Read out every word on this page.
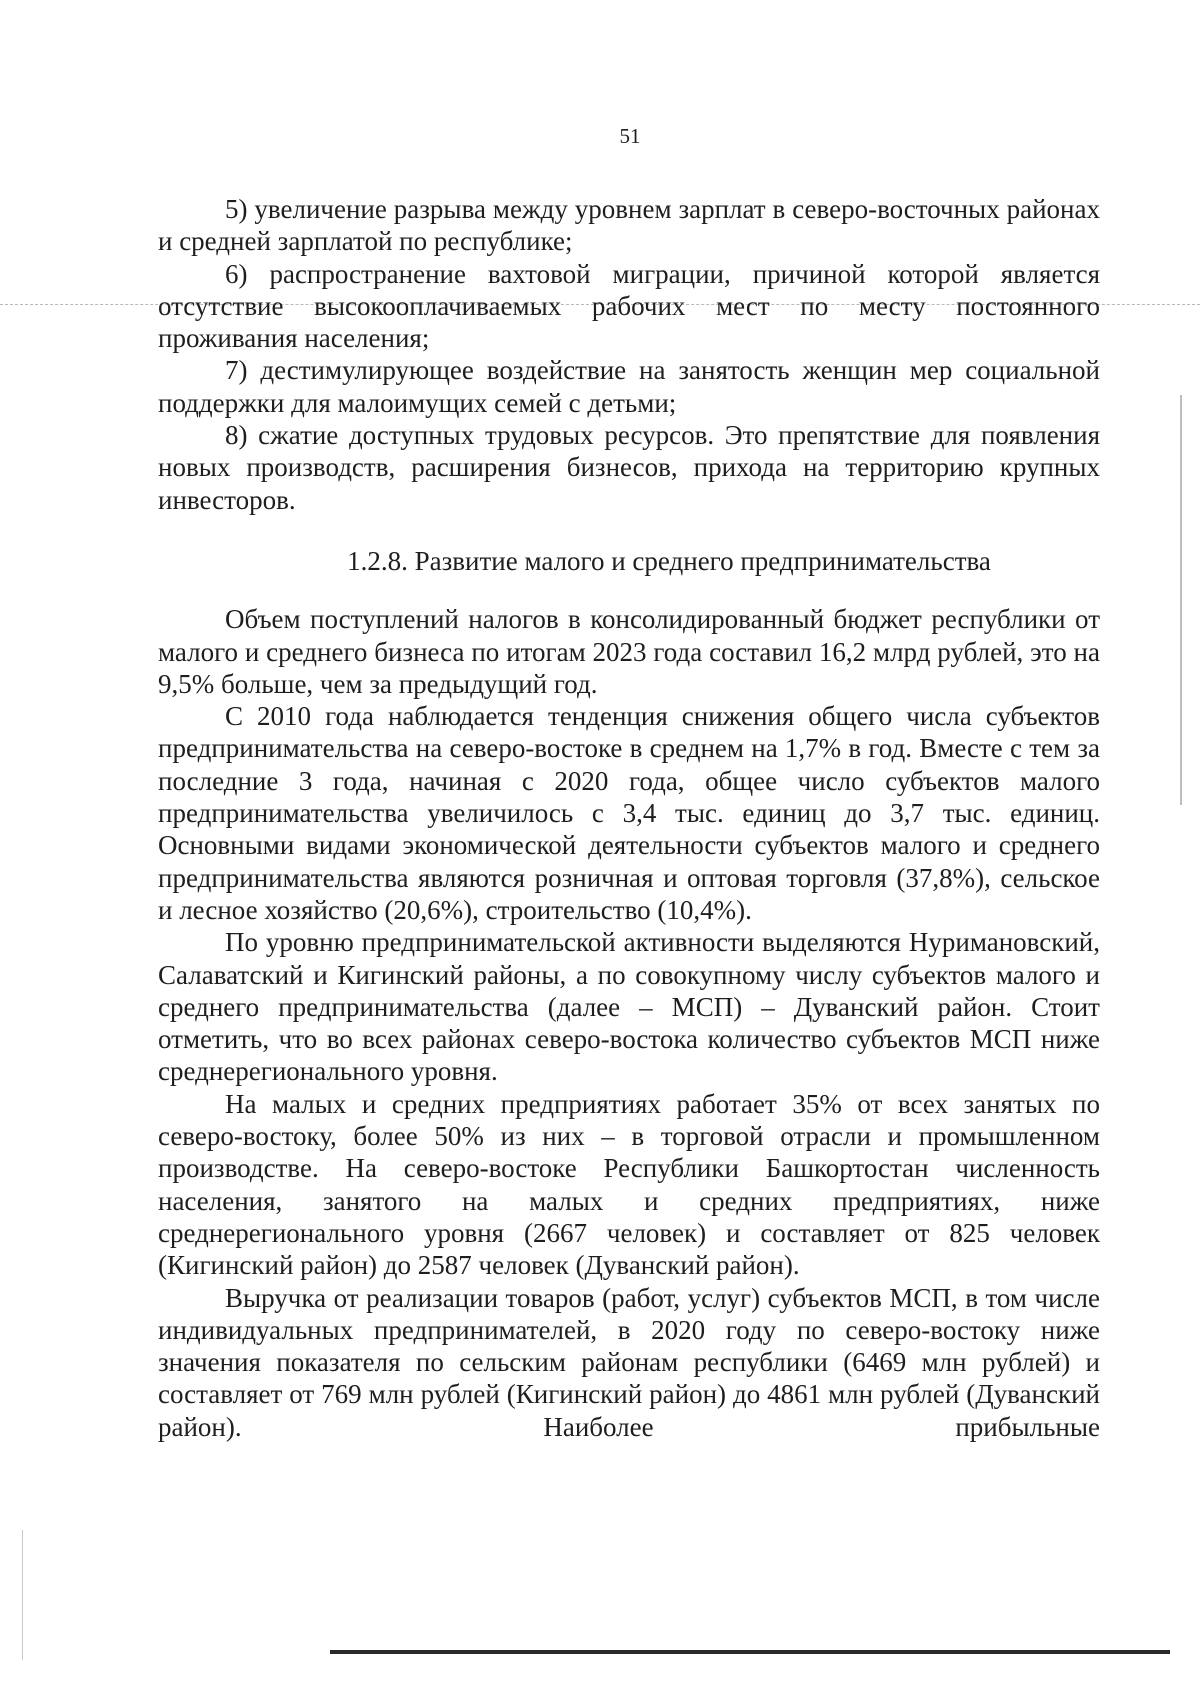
51

5) увеличение разрыва между уровнем зарплат в северо-восточных районах и средней зарплатой по республике;

6) распространение вахтовой миграции, причиной которой является отсутствие высокооплачиваемых рабочих мест по месту постоянного проживания населения;

7) дестимулирующее воздействие на занятость женщин мер социальной поддержки для малоимущих семей с детьми;

8) сжатие доступных трудовых ресурсов. Это препятствие для появления новых производств, расширения бизнесов, прихода на территорию крупных инвесторов.

1.2.8. Развитие малого и среднего предпринимательства

Объем поступлений налогов в консолидированный бюджет республики от малого и среднего бизнеса по итогам 2023 года составил 16,2 млрд рублей, это на 9,5% больше, чем за предыдущий год.

С 2010 года наблюдается тенденция снижения общего числа субъектов предпринимательства на северо-востоке в среднем на 1,7% в год. Вместе с тем за последние 3 года, начиная с 2020 года, общее число субъектов малого предпринимательства увеличилось с 3,4 тыс. единиц до 3,7 тыс. единиц. Основными видами экономической деятельности субъектов малого и среднего предпринимательства являются розничная и оптовая торговля (37,8%), сельское и лесное хозяйство (20,6%), строительство (10,4%).

По уровню предпринимательской активности выделяются Нуримановский, Салаватский и Кигинский районы, а по совокупному числу субъектов малого и среднего предпринимательства (далее – МСП) – Дуванский район. Стоит отметить, что во всех районах северо-востока количество субъектов МСП ниже среднерегионального уровня.

На малых и средних предприятиях работает 35% от всех занятых по северо-востоку, более 50% из них – в торговой отрасли и промышленном производстве. На северо-востоке Республики Башкортостан численность населения, занятого на малых и средних предприятиях, ниже среднерегионального уровня (2667 человек) и составляет от 825 человек (Кигинский район) до 2587 человек (Дуванский район).

Выручка от реализации товаров (работ, услуг) субъектов МСП, в том числе индивидуальных предпринимателей, в 2020 году по северо-востоку ниже значения показателя по сельским районам республики (6469 млн рублей) и составляет от 769 млн рублей (Кигинский район) до 4861 млн рублей (Дуванский район). Наиболее прибыльные
